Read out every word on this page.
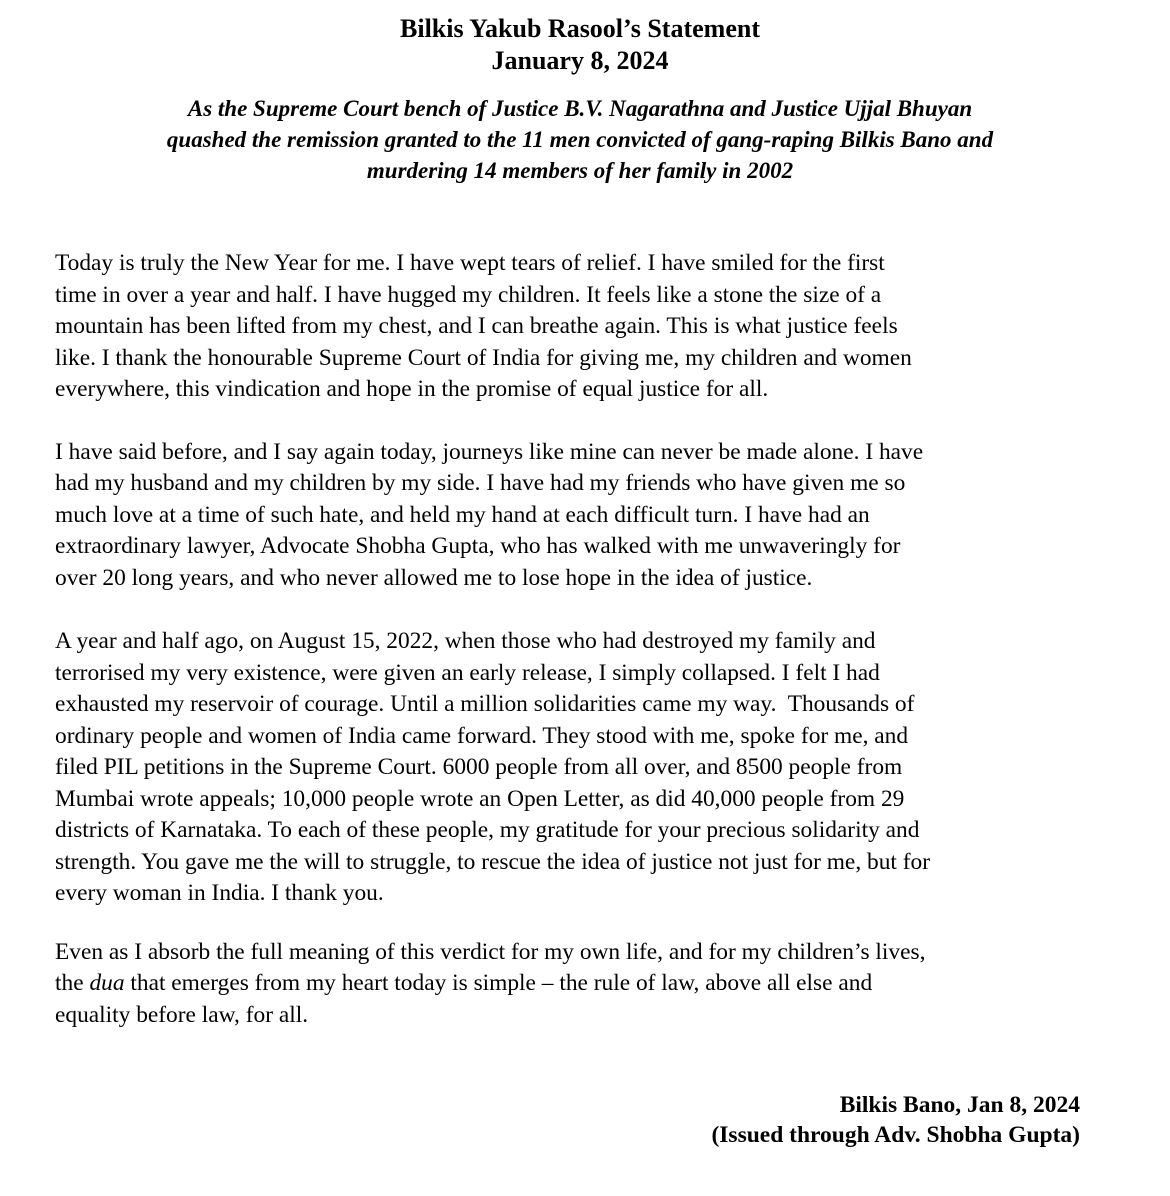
Bilkis Yakub Rasool’s Statement
January 8, 2024
As the Supreme Court bench of Justice B.V. Nagarathna and Justice Ujjal Bhuyan
quashed the remission granted to the 11 men convicted of gang-raping Bilkis Bano and
murdering 14 members of her family in 2002
Today is truly the New Year for me. I have wept tears of relief. I have smiled for the first
time in over a year and half. I have hugged my children. It feels like a stone the size of a
mountain has been lifted from my chest, and I can breathe again. This is what justice feels
like. I thank the honourable Supreme Court of India for giving me, my children and women
everywhere, this vindication and hope in the promise of equal justice for all.
I have said before, and I say again today, journeys like mine can never be made alone. I have
had my husband and my children by my side. I have had my friends who have given me so
much love at a time of such hate, and held my hand at each difficult turn. I have had an
extraordinary lawyer, Advocate Shobha Gupta, who has walked with me unwaveringly for
over 20 long years, and who never allowed me to lose hope in the idea of justice.
A year and half ago, on August 15, 2022, when those who had destroyed my family and
terrorised my very existence, were given an early release, I simply collapsed. I felt I had
exhausted my reservoir of courage. Until a million solidarities came my way.  Thousands of
ordinary people and women of India came forward. They stood with me, spoke for me, and
filed PIL petitions in the Supreme Court. 6000 people from all over, and 8500 people from
Mumbai wrote appeals; 10,000 people wrote an Open Letter, as did 40,000 people from 29
districts of Karnataka. To each of these people, my gratitude for your precious solidarity and
strength. You gave me the will to struggle, to rescue the idea of justice not just for me, but for
every woman in India. I thank you.
Even as I absorb the full meaning of this verdict for my own life, and for my children’s lives,
the dua that emerges from my heart today is simple – the rule of law, above all else and
equality before law, for all.
Bilkis Bano, Jan 8, 2024
(Issued through Adv. Shobha Gupta)
